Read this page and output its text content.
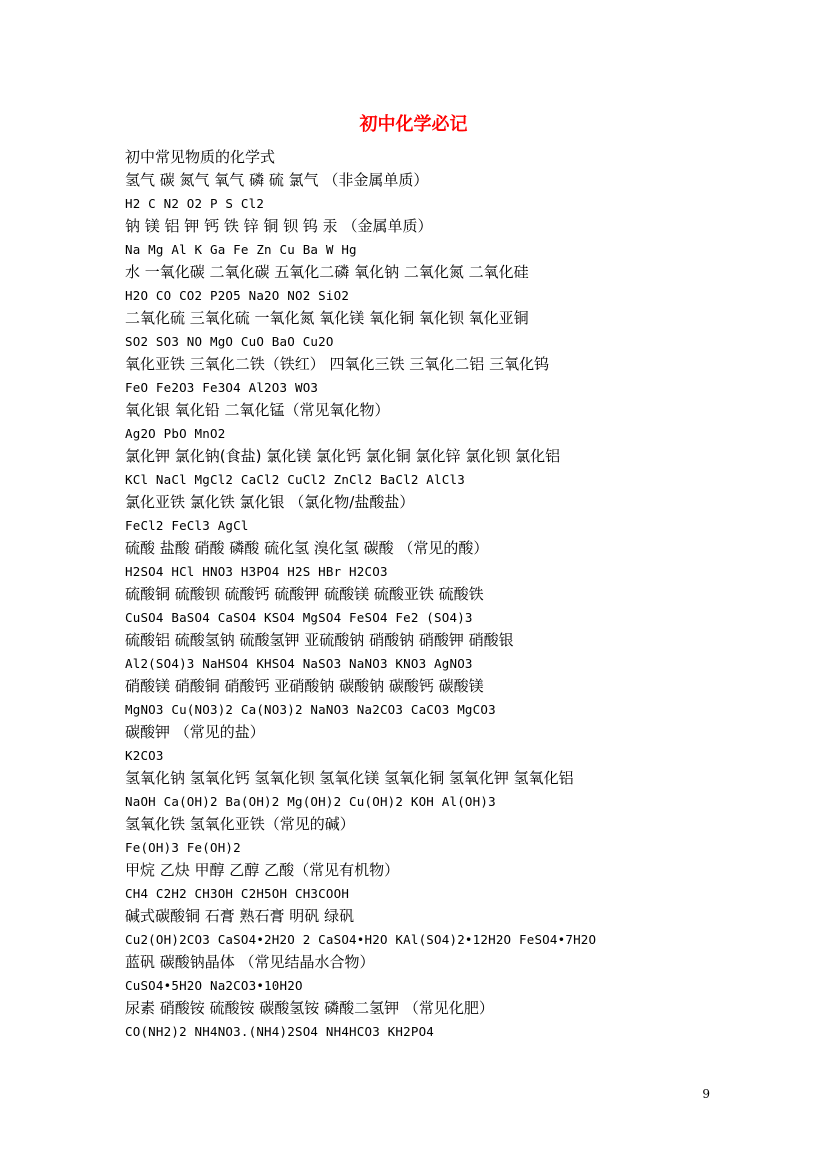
初中化学必记
初中常见物质的化学式
氢气 碳 氮气 氧气 磷 硫 氯气 （非金属单质）
H2 C N2 O2 P S Cl2
钠 镁 铝 钾 钙 铁 锌 铜 钡 钨 汞 （金属单质）
Na Mg Al K Ga Fe Zn Cu Ba W Hg
水 一氧化碳 二氧化碳 五氧化二磷 氧化钠 二氧化氮 二氧化硅
H2O CO CO2 P2O5 Na2O NO2 SiO2
二氧化硫 三氧化硫 一氧化氮 氧化镁 氧化铜 氧化钡 氧化亚铜
SO2 SO3 NO MgO CuO BaO Cu2O
氧化亚铁 三氧化二铁（铁红） 四氧化三铁 三氧化二铝 三氧化钨
FeO Fe2O3 Fe3O4 Al2O3 WO3
氧化银 氧化铅 二氧化锰（常见氧化物）
Ag2O PbO MnO2
氯化钾 氯化钠(食盐) 氯化镁 氯化钙 氯化铜 氯化锌 氯化钡 氯化铝
KCl NaCl MgCl2 CaCl2 CuCl2 ZnCl2 BaCl2 AlCl3
氯化亚铁 氯化铁 氯化银 （氯化物/盐酸盐）
FeCl2 FeCl3 AgCl
硫酸 盐酸 硝酸 磷酸 硫化氢 溴化氢 碳酸 （常见的酸）
H2SO4 HCl HNO3 H3PO4 H2S HBr H2CO3
硫酸铜 硫酸钡 硫酸钙 硫酸钾 硫酸镁 硫酸亚铁 硫酸铁
CuSO4 BaSO4 CaSO4 KSO4 MgSO4 FeSO4 Fe2 (SO4)3
硫酸铝 硫酸氢钠 硫酸氢钾 亚硫酸钠 硝酸钠 硝酸钾 硝酸银
Al2(SO4)3 NaHSO4 KHSO4 NaSO3 NaNO3 KNO3 AgNO3
硝酸镁 硝酸铜 硝酸钙 亚硝酸钠 碳酸钠 碳酸钙 碳酸镁
MgNO3 Cu(NO3)2 Ca(NO3)2 NaNO3 Na2CO3 CaCO3 MgCO3
碳酸钾 （常见的盐）
K2CO3
氢氧化钠 氢氧化钙 氢氧化钡 氢氧化镁 氢氧化铜 氢氧化钾 氢氧化铝
NaOH Ca(OH)2 Ba(OH)2 Mg(OH)2 Cu(OH)2 KOH Al(OH)3
氢氧化铁 氢氧化亚铁（常见的碱）
Fe(OH)3 Fe(OH)2
甲烷 乙炔 甲醇 乙醇 乙酸（常见有机物）
CH4 C2H2 CH3OH C2H5OH CH3COOH
碱式碳酸铜 石膏 熟石膏 明矾 绿矾
Cu2(OH)2CO3 CaSO4•2H2O 2 CaSO4•H2O KAl(SO4)2•12H2O FeSO4•7H2O
蓝矾 碳酸钠晶体 （常见结晶水合物）
CuSO4•5H2O Na2CO3•10H2O
尿素 硝酸铵 硫酸铵 碳酸氢铵 磷酸二氢钾 （常见化肥）
CO(NH2)2 NH4NO3.(NH4)2SO4 NH4HCO3 KH2PO4
9
